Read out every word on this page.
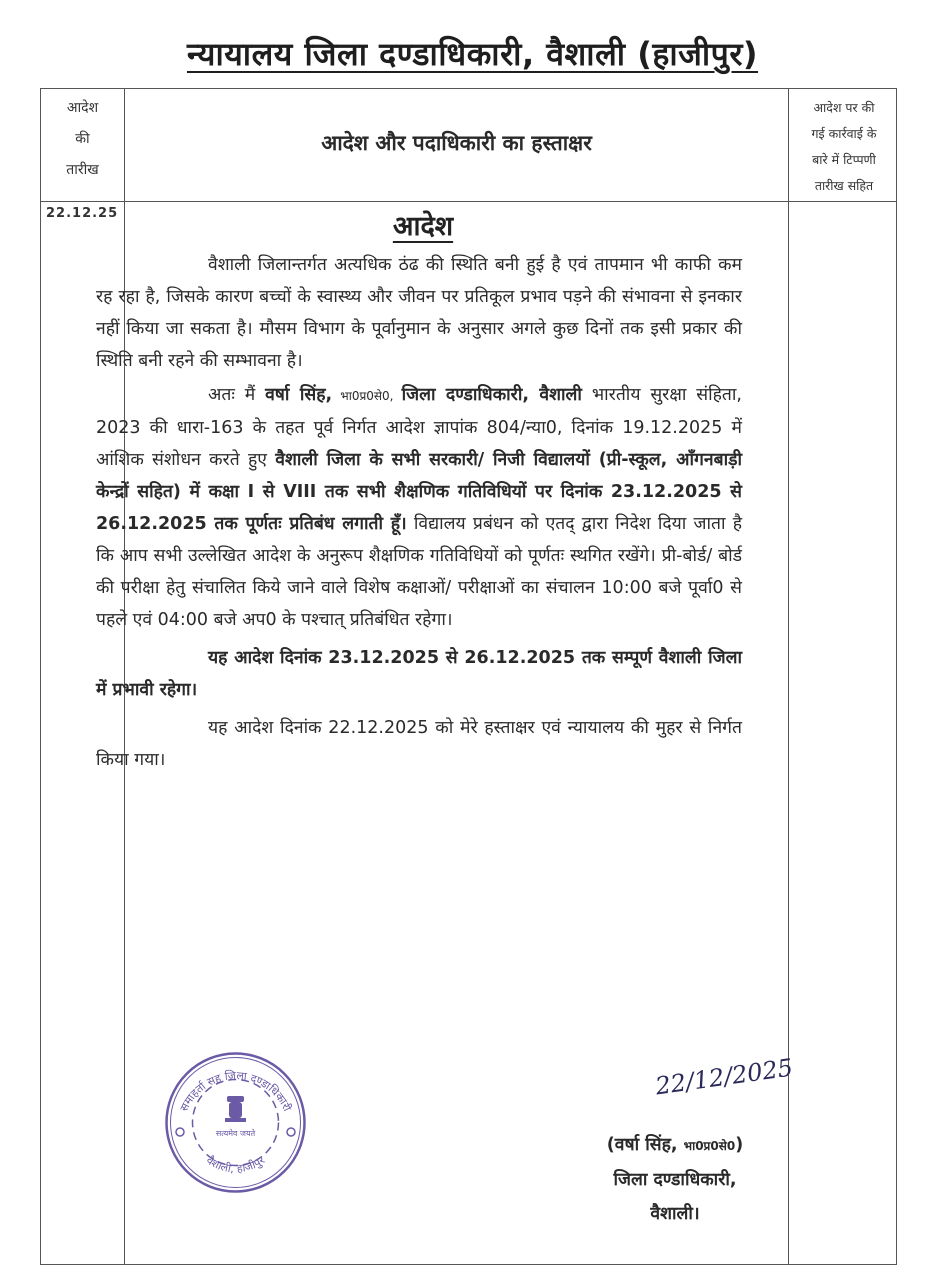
न्यायालय जिला दण्डाधिकारी, वैशाली (हाजीपुर)
आदेश
की
तारीख
आदेश और पदाधिकारी का हस्ताक्षर
आदेश पर की
गई कार्रवाई के
बारे में टिप्पणी
तारीख सहित
22.12.25	आदेश

वैशाली जिलान्तर्गत अत्यधिक ठंढ की स्थिति बनी हुई है एवं तापमान भी काफी कम रह रहा है, जिसके कारण बच्चों के स्वास्थ्य और जीवन पर प्रतिकूल प्रभाव पड़ने की संभावना से इनकार नहीं किया जा सकता है। मौसम विभाग के पूर्वानुमान के अनुसार अगले कुछ दिनों तक इसी प्रकार की स्थिति बनी रहने की सम्भावना है।

अतः मैं वर्षा सिंह, भा0प्र0से0, जिला दण्डाधिकारी, वैशाली भारतीय सुरक्षा संहिता, 2023 की धारा-163 के तहत पूर्व निर्गत आदेश ज्ञापांक 804/न्या0, दिनांक 19.12.2025 में आंशिक संशोधन करते हुए वैशाली जिला के सभी सरकारी/ निजी विद्यालयों (प्री-स्कूल, आँगनबाड़ी केन्द्रों सहित) में कक्षा I से VIII तक सभी शैक्षणिक गतिविधियों पर दिनांक 23.12.2025 से 26.12.2025 तक पूर्णतः प्रतिबंध लगाती हूँ। विद्यालय प्रबंधन को एतद् द्वारा निदेश दिया जाता है कि आप सभी उल्लेखित आदेश के अनुरूप शैक्षणिक गतिविधियों को पूर्णतः स्थगित रखेंगे। प्री-बोर्ड/ बोर्ड की परीक्षा हेतु संचालित किये जाने वाले विशेष कक्षाओं/ परीक्षाओं का संचालन 10:00 बजे पूर्वा0 से पहले एवं 04:00 बजे अप0 के पश्चात् प्रतिबंधित रहेगा।

यह आदेश दिनांक 23.12.2025 से 26.12.2025 तक सम्पूर्ण वैशाली जिला में प्रभावी रहेगा।

यह आदेश दिनांक 22.12.2025 को मेरे हस्ताक्षर एवं न्यायालय की मुहर से निर्गत किया गया।

समाहर्ता सह जिला दण्डाधिकारी
वैशाली, हाजीपुर
सत्यमेव जयते
22/12/2025
(वर्षा सिंह, भा0प्र0से0)
जिला दण्डाधिकारी,
वैशाली।
